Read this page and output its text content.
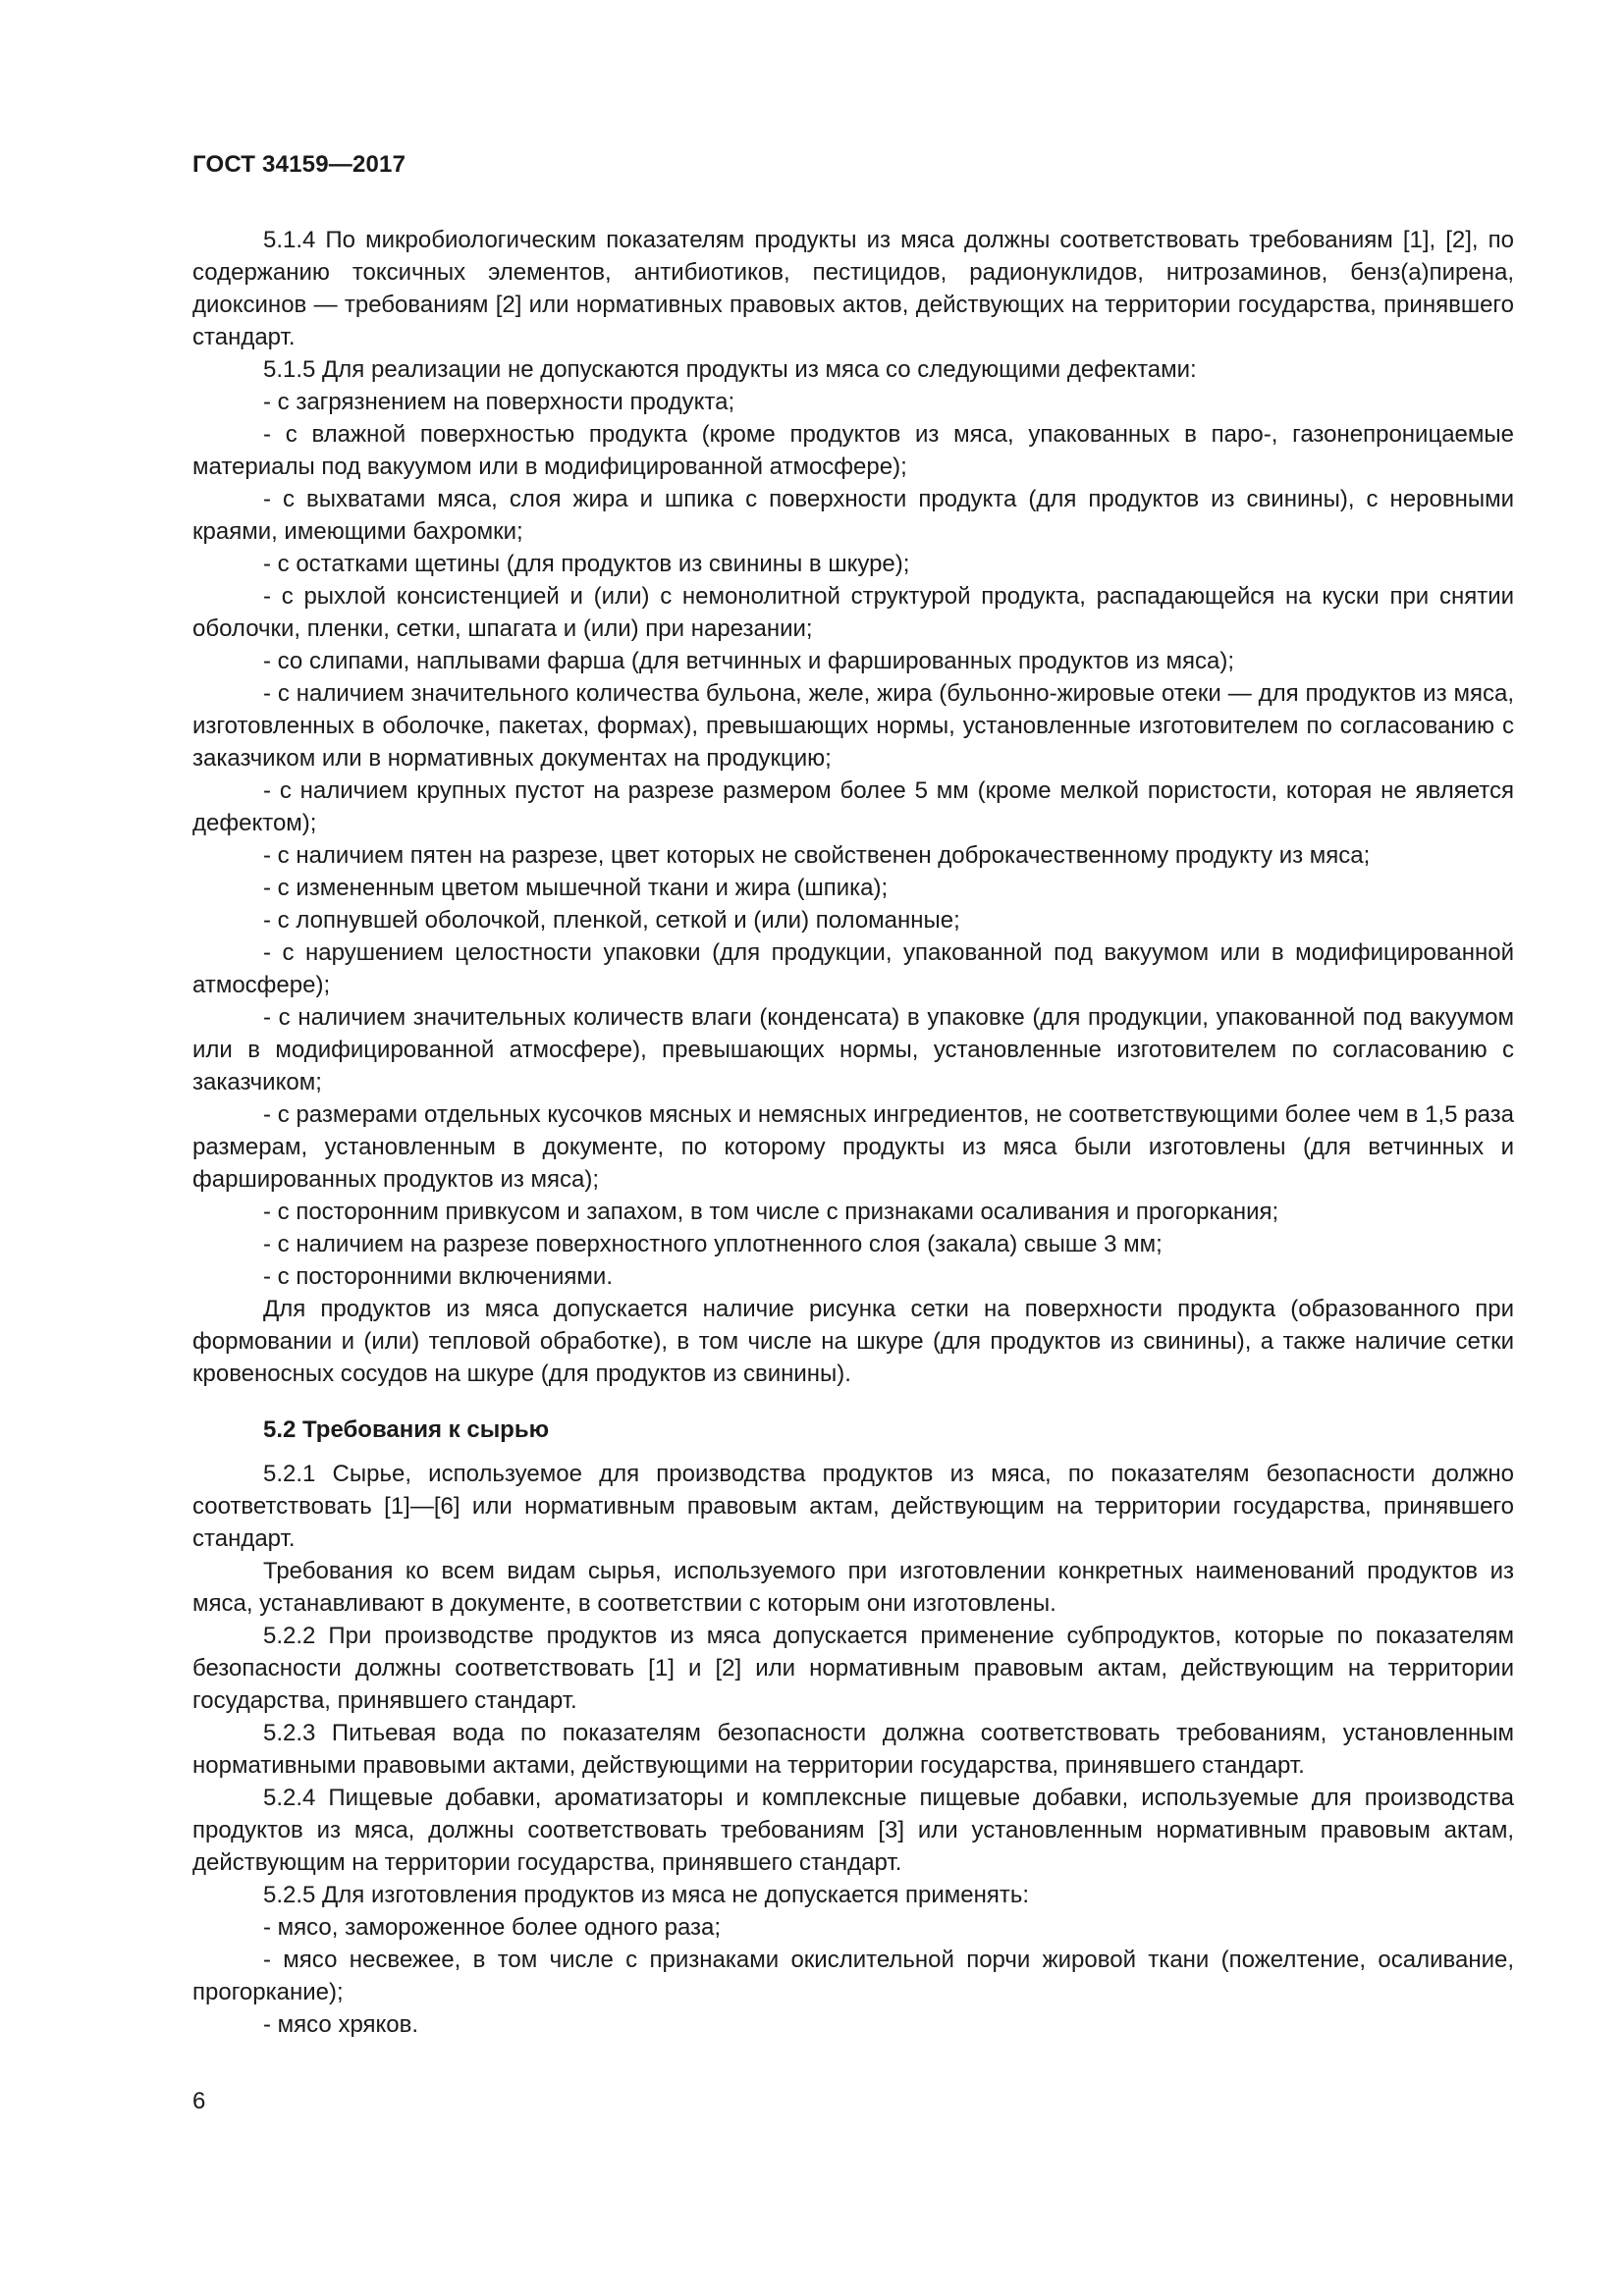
ГОСТ 34159—2017

5.1.4 По микробиологическим показателям продукты из мяса должны соответствовать требованиям [1], [2], по содержанию токсичных элементов, антибиотиков, пестицидов, радионуклидов, нитрозаминов, бенз(а)пирена, диоксинов — требованиям [2] или нормативных правовых актов, действующих на территории государства, принявшего стандарт.

5.1.5 Для реализации не допускаются продукты из мяса со следующими дефектами:

- с загрязнением на поверхности продукта;

- с влажной поверхностью продукта (кроме продуктов из мяса, упакованных в паро-, газонепроницаемые материалы под вакуумом или в модифицированной атмосфере);

- с выхватами мяса, слоя жира и шпика с поверхности продукта (для продуктов из свинины), с неровными краями, имеющими бахромки;

- с остатками щетины (для продуктов из свинины в шкуре);

- с рыхлой консистенцией и (или) с немонолитной структурой продукта, распадающейся на куски при снятии оболочки, пленки, сетки, шпагата и (или) при нарезании;

- со слипами, наплывами фарша (для ветчинных и фаршированных продуктов из мяса);

- с наличием значительного количества бульона, желе, жира (бульонно-жировые отеки — для продуктов из мяса, изготовленных в оболочке, пакетах, формах), превышающих нормы, установленные изготовителем по согласованию с заказчиком или в нормативных документах на продукцию;

- с наличием крупных пустот на разрезе размером более 5 мм (кроме мелкой пористости, которая не является дефектом);

- с наличием пятен на разрезе, цвет которых не свойственен доброкачественному продукту из мяса;

- с измененным цветом мышечной ткани и жира (шпика);

- с лопнувшей оболочкой, пленкой, сеткой и (или) поломанные;

- с нарушением целостности упаковки (для продукции, упакованной под вакуумом или в модифицированной атмосфере);

- с наличием значительных количеств влаги (конденсата) в упаковке (для продукции, упакованной под вакуумом или в модифицированной атмосфере), превышающих нормы, установленные изготовителем по согласованию с заказчиком;

- с размерами отдельных кусочков мясных и немясных ингредиентов, не соответствующими более чем в 1,5 раза размерам, установленным в документе, по которому продукты из мяса были изготовлены (для ветчинных и фаршированных продуктов из мяса);

- с посторонним привкусом и запахом, в том числе с признаками осаливания и прогоркания;

- с наличием на разрезе поверхностного уплотненного слоя (закала) свыше 3 мм;

- с посторонними включениями.

Для продуктов из мяса допускается наличие рисунка сетки на поверхности продукта (образованного при формовании и (или) тепловой обработке), в том числе на шкуре (для продуктов из свинины), а также наличие сетки кровеносных сосудов на шкуре (для продуктов из свинины).

5.2 Требования к сырью

5.2.1 Сырье, используемое для производства продуктов из мяса, по показателям безопасности должно соответствовать [1]—[6] или нормативным правовым актам, действующим на территории государства, принявшего стандарт.

Требования ко всем видам сырья, используемого при изготовлении конкретных наименований продуктов из мяса, устанавливают в документе, в соответствии с которым они изготовлены.

5.2.2 При производстве продуктов из мяса допускается применение субпродуктов, которые по показателям безопасности должны соответствовать [1] и [2] или нормативным правовым актам, действующим на территории государства, принявшего стандарт.

5.2.3 Питьевая вода по показателям безопасности должна соответствовать требованиям, установленным нормативными правовыми актами, действующими на территории государства, принявшего стандарт.

5.2.4 Пищевые добавки, ароматизаторы и комплексные пищевые добавки, используемые для производства продуктов из мяса, должны соответствовать требованиям [3] или установленным нормативным правовым актам, действующим на территории государства, принявшего стандарт.

5.2.5 Для изготовления продуктов из мяса не допускается применять:

- мясо, замороженное более одного раза;

- мясо несвежее, в том числе с признаками окислительной порчи жировой ткани (пожелтение, осаливание, прогоркание);

- мясо хряков.

6
